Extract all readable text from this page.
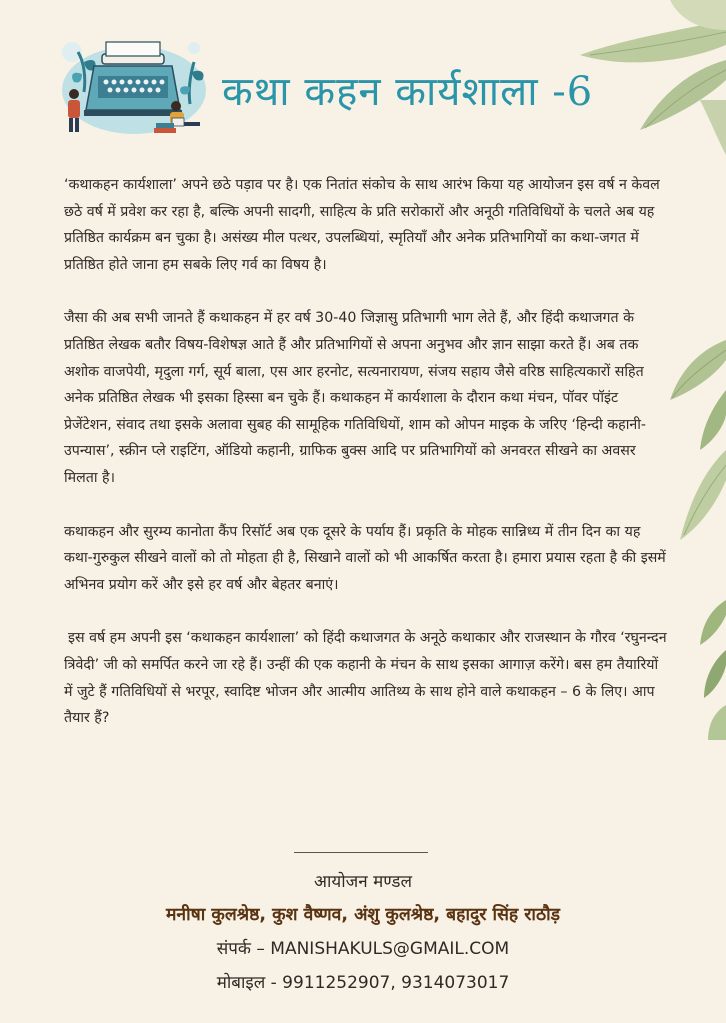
कथा कहन कार्यशाला -6

‘कथाकहन कार्यशाला’ अपने छठे पड़ाव पर है। एक नितांत संकोच के साथ आरंभ किया यह आयोजन इस वर्ष न केवल छठे वर्ष में प्रवेश कर रहा है, बल्कि अपनी सादगी, साहित्य के प्रति सरोकारों और अनूठी गतिविधियों के चलते अब यह प्रतिष्ठित कार्यक्रम बन चुका है। असंख्य मील पत्थर, उपलब्धियां, स्मृतियाँ और अनेक प्रतिभागियों का कथा-जगत में प्रतिष्ठित होते जाना हम सबके लिए गर्व का विषय है।

जैसा की अब सभी जानते हैं कथाकहन में हर वर्ष 30-40 जिज्ञासु प्रतिभागी भाग लेते हैं, और हिंदी कथाजगत के प्रतिष्ठित लेखक बतौर विषय-विशेषज्ञ आते हैं और प्रतिभागियों से अपना अनुभव और ज्ञान साझा करते हैं। अब तक अशोक वाजपेयी, मृदुला गर्ग, सूर्य बाला, एस आर हरनोट, सत्यनारायण, संजय सहाय जैसे वरिष्ठ साहित्यकारों सहित अनेक प्रतिष्ठित लेखक भी इसका हिस्सा बन चुके हैं। कथाकहन में कार्यशाला के दौरान कथा मंचन, पॉवर पॉइंट प्रेजेंटेशन, संवाद तथा इसके अलावा सुबह की सामूहिक गतिविधियों, शाम को ओपन माइक के जरिए ‘हिन्दी कहानी-उपन्यास’, स्क्रीन प्ले राइटिंग, ऑडियो कहानी, ग्राफिक बुक्स आदि पर प्रतिभागियों को अनवरत सीखने का अवसर मिलता है।

कथाकहन और सुरम्य कानोता कैंप रिसॉर्ट अब एक दूसरे के पर्याय हैं। प्रकृति के मोहक सान्निध्य में तीन दिन का यह कथा-गुरुकुल सीखने वालों को तो मोहता ही है, सिखाने वालों को भी आकर्षित करता है। हमारा प्रयास रहता है की इसमें अभिनव प्रयोग करें और इसे हर वर्ष और बेहतर बनाएं।

इस वर्ष हम अपनी इस ‘कथाकहन कार्यशाला’ को हिंदी कथाजगत के अनूठे कथाकार और राजस्थान के गौरव ‘रघुनन्दन त्रिवेदी’ जी को समर्पित करने जा रहे हैं। उन्हीं की एक कहानी के मंचन के साथ इसका आगाज़ करेंगे। बस हम तैयारियों में जुटे हैं गतिविधियों से भरपूर, स्वादिष्ट भोजन और आत्मीय आतिथ्य के साथ होने वाले कथाकहन – 6 के लिए। आप तैयार हैं?

आयोजन मण्डल
मनीषा कुलश्रेष्ठ, कुश वैष्णव, अंशु कुलश्रेष्ठ, बहादुर सिंह राठौड़
संपर्क – MANISHAKULS@GMAIL.COM
मोबाइल - 9911252907, 9314073017
